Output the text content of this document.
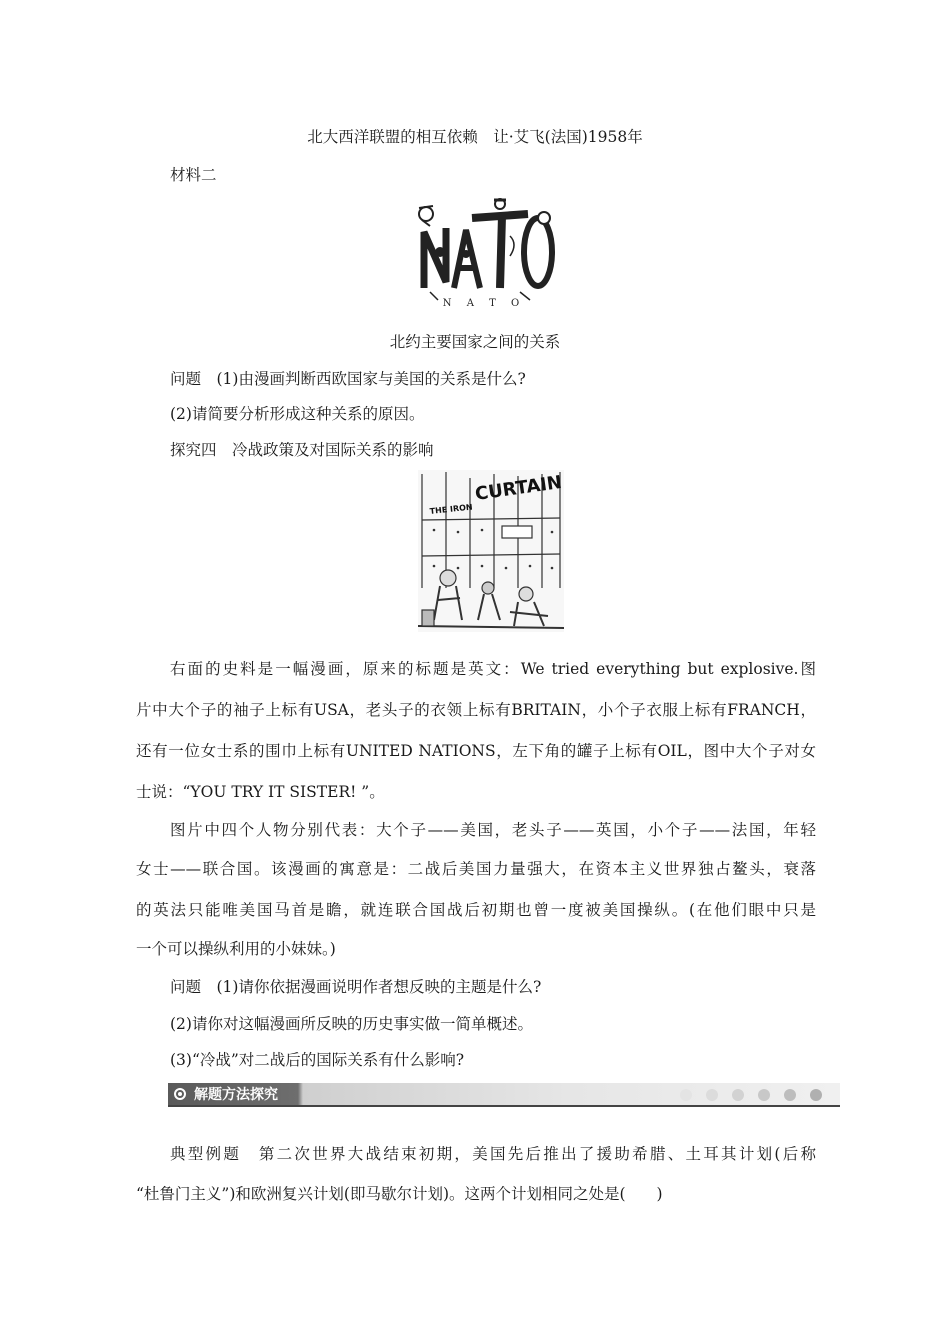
北大西洋联盟的相互依赖　让·艾飞(法国)1958年
材料二
N A T O
北约主要国家之间的关系
问题　(1)由漫画判断西欧国家与美国的关系是什么?
(2)请简要分析形成这种关系的原因。
探究四　冷战政策及对国际关系的影响
THE IRON
CURTAIN
右面的史料是一幅漫画，原来的标题是英文：We tried everything but explosive.图
片中大个子的袖子上标有USA，老头子的衣领上标有BRITAIN，小个子衣服上标有FRANCH，
还有一位女士系的围巾上标有UNITED NATIONS，左下角的罐子上标有OIL，图中大个子对女
士说：“YOU TRY IT SISTER! ”。
图片中四个人物分别代表：大个子——美国，老头子——英国，小个子——法国，年轻
女士——联合国。该漫画的寓意是：二战后美国力量强大，在资本主义世界独占鳌头，衰落
的英法只能唯美国马首是瞻，就连联合国战后初期也曾一度被美国操纵。(在他们眼中只是
一个可以操纵利用的小妹妹。)
问题　(1)请你依据漫画说明作者想反映的主题是什么?
(2)请你对这幅漫画所反映的历史事实做一简单概述。
(3)“冷战”对二战后的国际关系有什么影响?
解题方法探究
典型例题　第二次世界大战结束初期，美国先后推出了援助希腊、土耳其计划(后称
“杜鲁门主义”)和欧洲复兴计划(即马歇尔计划)。这两个计划相同之处是(　　)
